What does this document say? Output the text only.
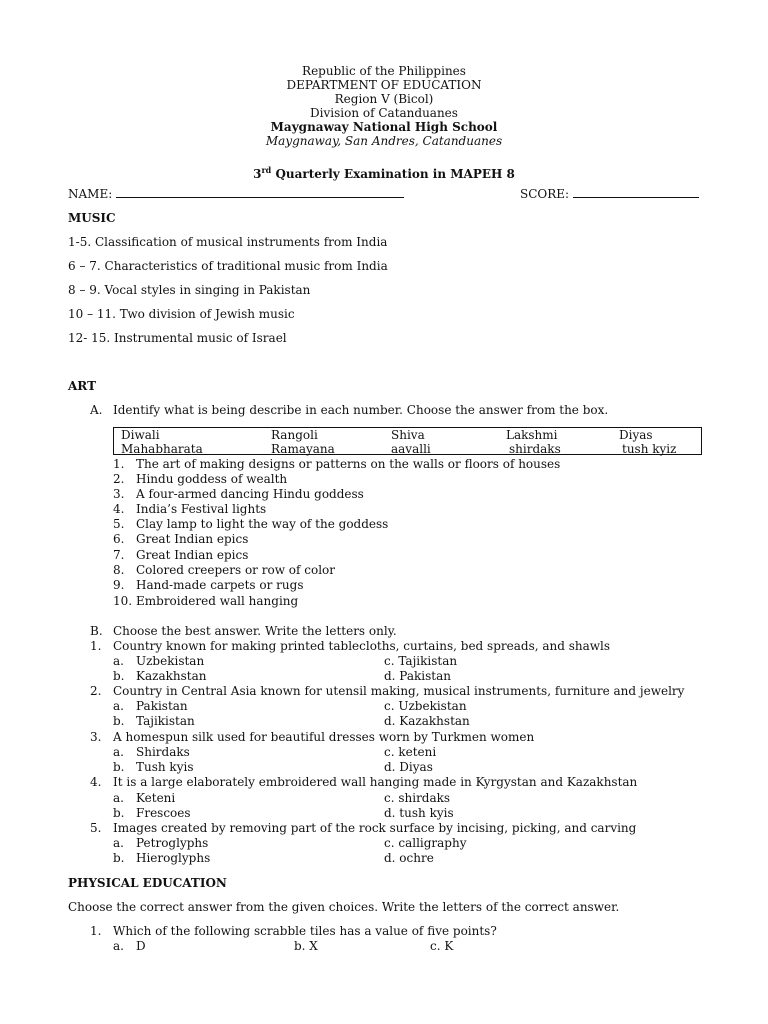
Republic of the Philippines
DEPARTMENT OF EDUCATION
Region V (Bicol)
Division of Catanduanes
Maygnaway National High School
Maygnaway, San Andres, Catanduanes
3rd Quarterly Examination in MAPEH 8
NAME:	SCORE:
MUSIC
1-5. Classification of musical instruments from India
6 – 7. Characteristics of traditional music from India
8 – 9. Vocal styles in singing in Pakistan
10 – 11. Two division of Jewish music
12- 15. Instrumental music of Israel
ART
A. Identify what is being describe in each number. Choose the answer from the box.
Diwali	Rangoli	Shiva	Lakshmi	Diyas
Mahabharata	Ramayana	aavalli	shirdaks	tush kyiz
1. The art of making designs or patterns on the walls or floors of houses
2. Hindu goddess of wealth
3. A four-armed dancing Hindu goddess
4. India’s Festival lights
5. Clay lamp to light the way of the goddess
6. Great Indian epics
7. Great Indian epics
8. Colored creepers or row of color
9. Hand-made carpets or rugs
10. Embroidered wall hanging
B. Choose the best answer. Write the letters only.
1. Country known for making printed tablecloths, curtains, bed spreads, and shawls
a. Uzbekistan	c. Tajikistan
b. Kazakhstan	d. Pakistan
2. Country in Central Asia known for utensil making, musical instruments, furniture and jewelry
a. Pakistan	c. Uzbekistan
b. Tajikistan	d. Kazakhstan
3. A homespun silk used for beautiful dresses worn by Turkmen women
a. Shirdaks	c. keteni
b. Tush kyis	d. Diyas
4. It is a large elaborately embroidered wall hanging made in Kyrgystan and Kazakhstan
a. Keteni	c. shirdaks
b. Frescoes	d. tush kyis
5. Images created by removing part of the rock surface by incising, picking, and carving
a. Petroglyphs	c. calligraphy
b. Hieroglyphs	d. ochre
PHYSICAL EDUCATION
Choose the correct answer from the given choices. Write the letters of the correct answer.
1. Which of the following scrabble tiles has a value of five points?
a. D	b. X	c. K
